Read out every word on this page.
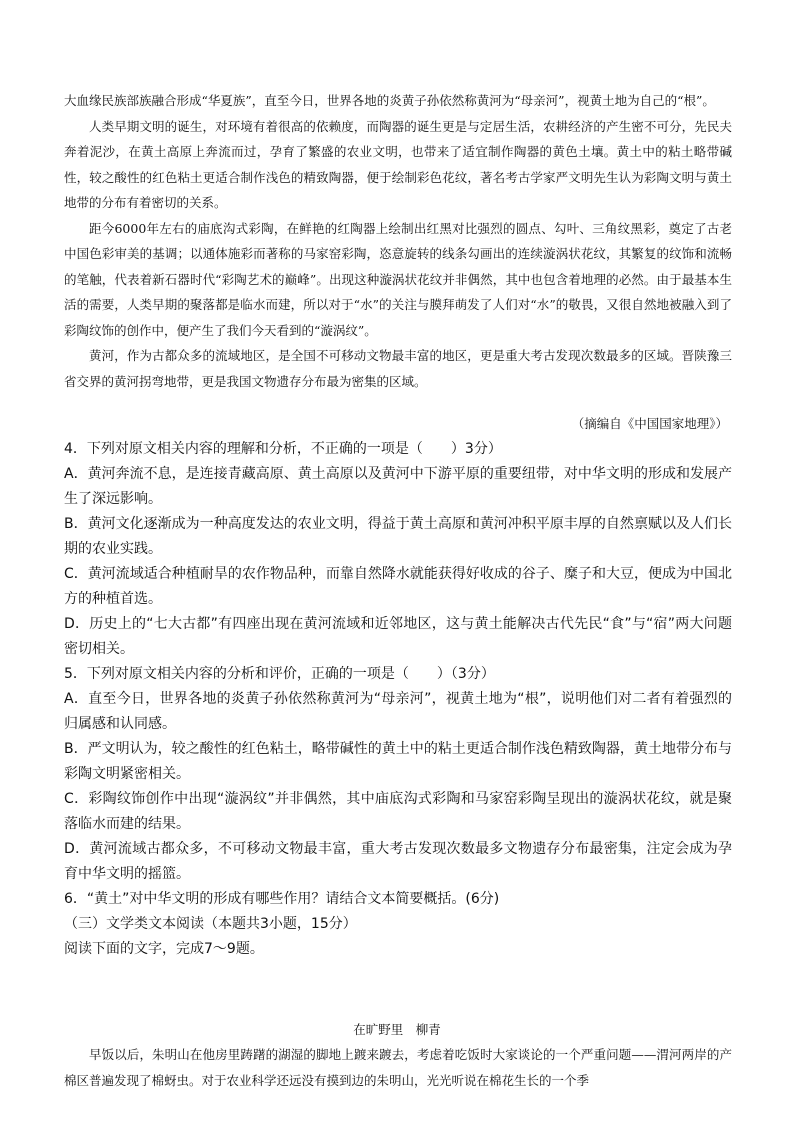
大血缘民族部族融合形成“华夏族”，直至今日，世界各地的炎黄子孙依然称黄河为“母亲河”，视黄土地为自己的“根”。

人类早期文明的诞生，对环境有着很高的依赖度，而陶器的诞生更是与定居生活，农耕经济的产生密不可分，先民夫奔着泥沙，在黄土高原上奔流而过，孕育了繁盛的农业文明，也带来了适宜制作陶器的黄色土壤。黄土中的粘土略带碱性，较之酸性的红色粘土更适合制作浅色的精致陶器，便于绘制彩色花纹，著名考古学家严文明先生认为彩陶文明与黄土地带的分布有着密切的关系。

距今6000年左右的庙底沟式彩陶，在鲜艳的红陶器上绘制出红黑对比强烈的圆点、勾叶、三角纹黑彩，奠定了古老中国色彩审美的基调；以通体施彩而著称的马家窑彩陶，恣意旋转的线条勾画出的连续漩涡状花纹，其繁复的纹饰和流畅的笔触，代表着新石器时代“彩陶艺术的巅峰”。出现这种漩涡状花纹并非偶然，其中也包含着地理的必然。由于最基本生活的需要，人类早期的聚落都是临水而建，所以对于“水”的关注与膜拜萌发了人们对“水”的敬畏，又很自然地被融入到了彩陶纹饰的创作中，便产生了我们今天看到的“漩涡纹”。

黄河，作为古都众多的流域地区，是全国不可移动文物最丰富的地区，更是重大考古发现次数最多的区域。晋陕豫三省交界的黄河拐弯地带，更是我国文物遗存分布最为密集的区域。

（摘编自《中国国家地理》）

4．下列对原文相关内容的理解和分析，不正确的一项是（　　）3分）

A．黄河奔流不息，是连接青藏高原、黄土高原以及黄河中下游平原的重要纽带，对中华文明的形成和发展产生了深远影响。

B．黄河文化逐渐成为一种高度发达的农业文明，得益于黄土高原和黄河冲积平原丰厚的自然禀赋以及人们长期的农业实践。

C．黄河流域适合种植耐旱的农作物品种，而靠自然降水就能获得好收成的谷子、糜子和大豆，便成为中国北方的种植首选。

D．历史上的“七大古都”有四座出现在黄河流域和近邻地区，这与黄土能解决古代先民“食”与“宿”两大问题密切相关。

5．下列对原文相关内容的分析和评价，正确的一项是（　　）（3分）

A．直至今日，世界各地的炎黄子孙依然称黄河为“母亲河”，视黄土地为“根”，说明他们对二者有着强烈的归属感和认同感。

B．严文明认为，较之酸性的红色粘土，略带碱性的黄土中的粘土更适合制作浅色精致陶器，黄土地带分布与彩陶文明紧密相关。

C．彩陶纹饰创作中出现“漩涡纹”并非偶然，其中庙底沟式彩陶和马家窑彩陶呈现出的漩涡状花纹，就是聚落临水而建的结果。

D．黄河流域古都众多，不可移动文物最丰富，重大考古发现次数最多文物遗存分布最密集，注定会成为孕育中华文明的摇篮。

6．“黄土”对中华文明的形成有哪些作用？请结合文本简要概括。(6分)

（三）文学类文本阅读（本题共3小题，15分）

阅读下面的文字，完成7～9题。

在旷野里　柳青

早饭以后，朱明山在他房里踌躇的湖湿的脚地上踱来踱去，考虑着吃饭时大家谈论的一个严重问题——渭河两岸的产棉区普遍发现了棉蚜虫。对于农业科学还远没有摸到边的朱明山，光光听说在棉花生长的一个季
